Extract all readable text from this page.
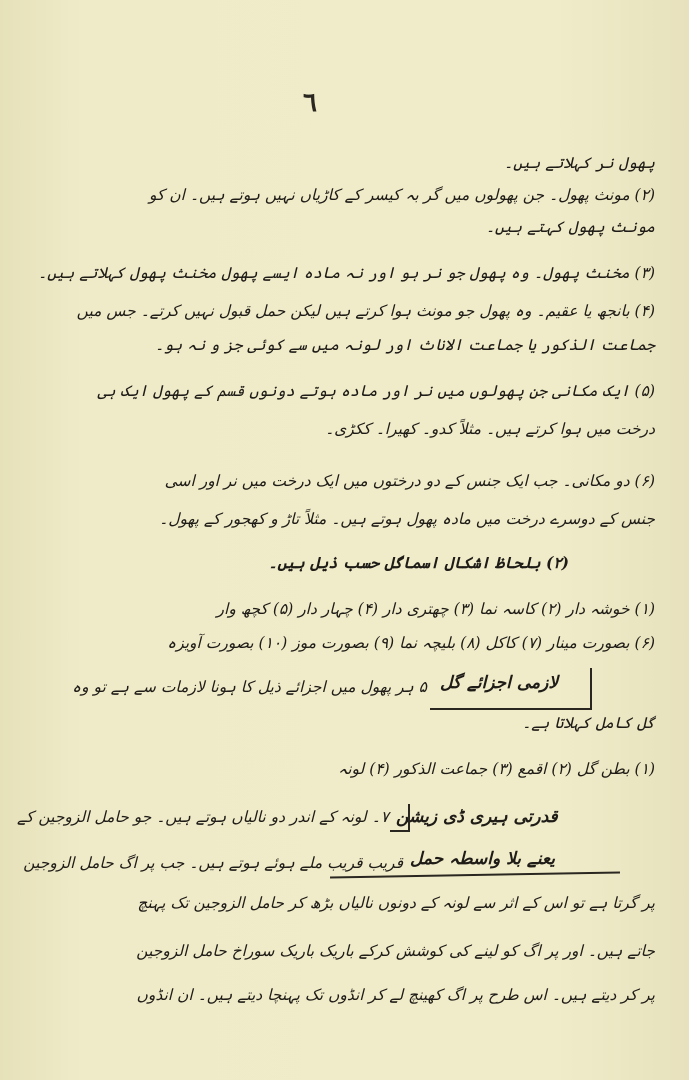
٦
پھول نر کہلاتے ہیں۔
(۲) مونث پھول۔ جن پھولوں میں گر بہ کیسر کے کاڑیاں نہیں ہوتے ہیں۔ ان کو
مونث پھول کہتے ہیں۔
(۳) مخنث پھول۔ وہ پھول جو نر ہو اور نہ مادہ ایسے پھول مخنث پھول کہلاتے ہیں۔
(۴) بانجھ یا عقیم۔ وہ پھول جو مونث ہوا کرتے ہیں لیکن حمل قبول نہیں کرتے۔ جس میں
جماعت الذکور یا جماعت الاناث اور لونہ میں سے کوئی جز و نہ ہو۔
(۵) ایک مکانی جن پھولوں میں نر اور مادہ ہوتے دونوں قسم کے پھول ایک ہی
درخت میں ہوا کرتے ہیں۔ مثلاً کدو۔ کھیرا۔ ککڑی۔
(۶) دو مکانی۔ جب ایک جنس کے دو درختوں میں ایک درخت میں نر اور اسی
جنس کے دوسرے درخت میں مادہ پھول ہوتے ہیں۔ مثلاً تاڑ و کھجور کے پھول۔
(۲) بلحاظ اشکال اسماگل حسب ذیل ہیں۔
(۱) خوشہ دار (۲) کاسہ نما (۳) چھتری دار (۴) چہار دار (۵) کچھ وار
(۶) بصورت مینار (۷) کاکل (۸) بلیچہ نما (۹) بصورت موز (۱۰) بصورت آویزہ
لازمی اجزائے گل
۵ ہر پھول میں اجزائے ذیل کا ہونا لازمات سے ہے تو وہ
گل کامل کہلاتا ہے۔
(۱) بطن گل (۲) اقمع (۳) جماعت الذکور (۴) لونہ
قدرتی ہیری ڈی زیشن
۷۔ لونہ کے اندر دو نالیاں ہوتے ہیں۔ جو حامل الزوجین کے
یعنے بلا واسطہ حمل
قریب قریب ملے ہوئے ہوتے ہیں۔ جب پر اگ حامل الزوجین
پر گرتا ہے تو اس کے اثر سے لونہ کے دونوں نالیاں بڑھ کر حامل الزوجین تک پہنچ
جاتے ہیں۔ اور پر اگ کو لینے کی کوشش کرکے باریک باریک سوراخ حامل الزوجین
پر کر دیتے ہیں۔ اس طرح پر اگ کھینچ لے کر انڈوں تک پہنچا دیتے ہیں۔ ان انڈوں
